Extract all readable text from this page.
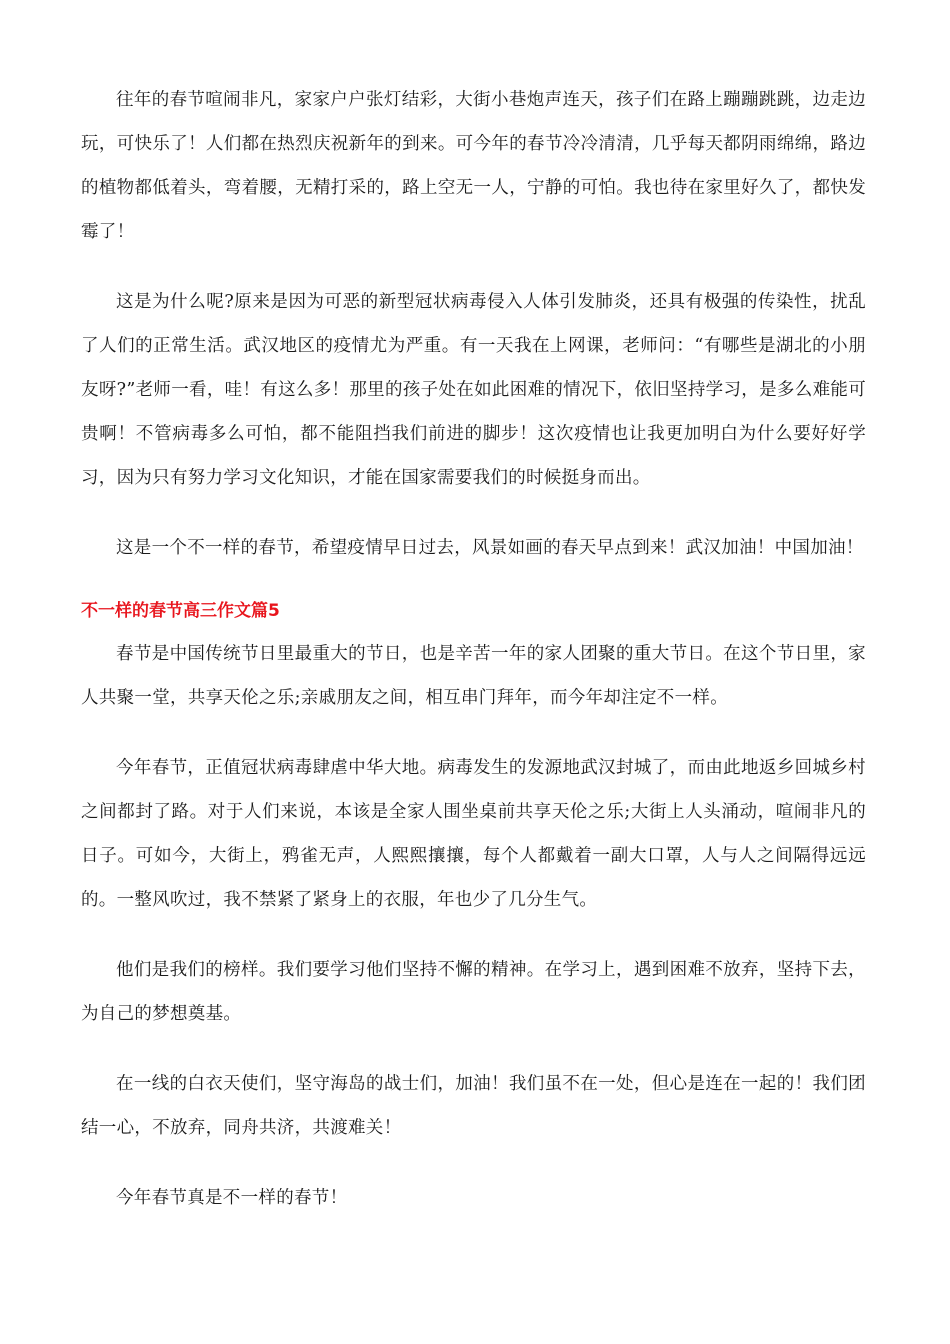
往年的春节喧闹非凡，家家户户张灯结彩，大街小巷炮声连天，孩子们在路上蹦蹦跳跳，边走边玩，可快乐了！人们都在热烈庆祝新年的到来。可今年的春节冷冷清清，几乎每天都阴雨绵绵，路边的植物都低着头，弯着腰，无精打采的，路上空无一人，宁静的可怕。我也待在家里好久了，都快发霉了！

这是为什么呢?原来是因为可恶的新型冠状病毒侵入人体引发肺炎，还具有极强的传染性，扰乱了人们的正常生活。武汉地区的疫情尤为严重。有一天我在上网课，老师问：“有哪些是湖北的小朋友呀?”老师一看，哇！有这么多！那里的孩子处在如此困难的情况下，依旧坚持学习，是多么难能可贵啊！不管病毒多么可怕，都不能阻挡我们前进的脚步！这次疫情也让我更加明白为什么要好好学习，因为只有努力学习文化知识，才能在国家需要我们的时候挺身而出。

这是一个不一样的春节，希望疫情早日过去，风景如画的春天早点到来！武汉加油！中国加油！

不一样的春节高三作文篇5

春节是中国传统节日里最重大的节日，也是辛苦一年的家人团聚的重大节日。在这个节日里，家人共聚一堂，共享天伦之乐;亲戚朋友之间，相互串门拜年，而今年却注定不一样。

今年春节，正值冠状病毒肆虐中华大地。病毒发生的发源地武汉封城了，而由此地返乡回城乡村之间都封了路。对于人们来说，本该是全家人围坐桌前共享天伦之乐;大街上人头涌动，喧闹非凡的日子。可如今，大街上，鸦雀无声，人熙熙攘攘，每个人都戴着一副大口罩，人与人之间隔得远远的。一整风吹过，我不禁紧了紧身上的衣服，年也少了几分生气。

他们是我们的榜样。我们要学习他们坚持不懈的精神。在学习上，遇到困难不放弃，坚持下去，为自己的梦想奠基。

在一线的白衣天使们，坚守海岛的战士们，加油！我们虽不在一处，但心是连在一起的！我们团结一心，不放弃，同舟共济，共渡难关！

今年春节真是不一样的春节！
